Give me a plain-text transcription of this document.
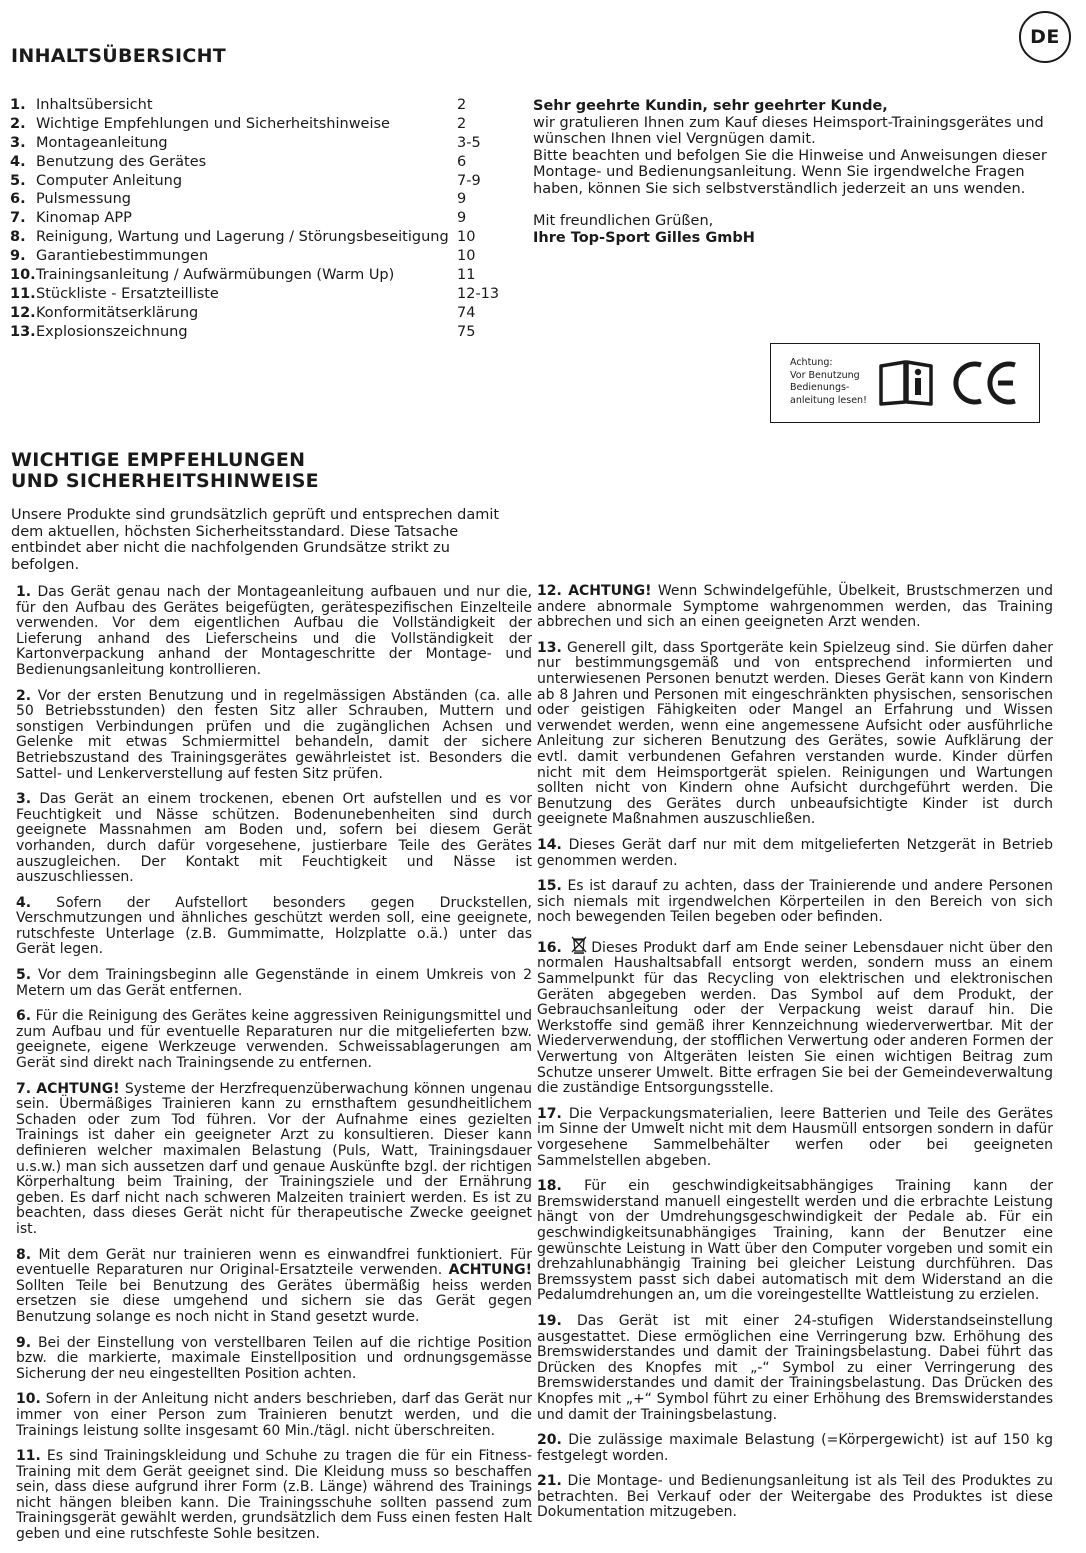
DE
INHALTSÜBERSICHT
1. Inhaltsübersicht	2
2. Wichtige Empfehlungen und Sicherheitshinweise	2
3. Montageanleitung	3-5
4. Benutzung des Gerätes	6
5. Computer Anleitung	7-9
6. Pulsmessung	9
7. Kinomap APP	9
8. Reinigung, Wartung und Lagerung / Störungsbeseitigung 10
9. Garantiebestimmungen	10
10.Trainingsanleitung / Aufwärmübungen (Warm Up)	11
11.Stückliste - Ersatzteilliste	12-13
12.Konformitätserklärung	74
13.Explosionszeichnung	75

Sehr geehrte Kundin, sehr geehrter Kunde,

wir gratulieren Ihnen zum Kauf dieses Heimsport-Trainingsgerätes und wünschen Ihnen viel Vergnügen damit.

Bitte beachten und befolgen Sie die Hinweise und Anweisungen dieser Montage- und Bedienungsanleitung. Wenn Sie irgendwelche Fragen haben, können Sie sich selbstverständlich jederzeit an uns wenden.

Mit freundlichen Grüßen,

Ihre Top-Sport Gilles GmbH

Achtung:
Vor Benutzung
Bedienungs-
anleitung lesen!
WICHTIGE EMPFEHLUNGEN
UND SICHERHEITSHINWEISE

Unsere Produkte sind grundsätzlich geprüft und entsprechen damit dem aktuellen, höchsten Sicherheitsstandard. Diese Tatsache entbindet aber nicht die nachfolgenden Grundsätze strikt zu befolgen.

1. Das Gerät genau nach der Montageanleitung aufbauen und nur die, für den Aufbau des Gerätes beigefügten, gerätespezifischen Einzelteile verwenden. Vor dem eigentlichen Aufbau die Vollständigkeit der Lieferung anhand des Lieferscheins und die Vollständigkeit der Kartonverpackung anhand der Montageschritte der Montage- und Bedienungsanleitung kontrollieren.

2. Vor der ersten Benutzung und in regelmässigen Abständen (ca. alle 50 Betriebsstunden) den festen Sitz aller Schrauben, Muttern und sonstigen Verbindungen prüfen und die zugänglichen Achsen und Gelenke mit etwas Schmiermittel behandeln, damit der sichere Betriebszustand des Trainingsgerätes gewährleistet ist. Besonders die Sattel- und Lenkerverstellung auf festen Sitz prüfen.

3. Das Gerät an einem trockenen, ebenen Ort aufstellen und es vor Feuchtigkeit und Nässe schützen. Bodenunebenheiten sind durch geeignete Massnahmen am Boden und, sofern bei diesem Gerät vorhanden, durch dafür vorgesehene, justierbare Teile des Gerätes auszugleichen. Der Kontakt mit Feuchtigkeit und Nässe ist auszuschliessen.

4. Sofern der Aufstellort besonders gegen Druckstellen, Verschmutzungen und ähnliches geschützt werden soll, eine geeignete, rutschfeste Unterlage (z.B. Gummimatte, Holzplatte o.ä.) unter das Gerät legen.

5. Vor dem Trainingsbeginn alle Gegenstände in einem Umkreis von 2 Metern um das Gerät entfernen.

6. Für die Reinigung des Gerätes keine aggressiven Reinigungsmittel und zum Aufbau und für eventuelle Reparaturen nur die mitgelieferten bzw. geeignete, eigene Werkzeuge verwenden. Schweissablagerungen am Gerät sind direkt nach Trainingsende zu entfernen.

7. ACHTUNG! Systeme der Herzfrequenzüberwachung können ungenau sein. Übermäßiges Trainieren kann zu ernsthaftem gesundheitlichem Schaden oder zum Tod führen. Vor der Aufnahme eines gezielten Trainings ist daher ein geeigneter Arzt zu konsultieren. Dieser kann definieren welcher maximalen Belastung (Puls, Watt, Trainingsdauer u.s.w.) man sich aussetzen darf und genaue Auskünfte bzgl. der richtigen Körperhaltung beim Training, der Trainingsziele und der Ernährung geben. Es darf nicht nach schweren Malzeiten trainiert werden. Es ist zu beachten, dass dieses Gerät nicht für therapeutische Zwecke geeignet ist.

8. Mit dem Gerät nur trainieren wenn es einwandfrei funktioniert. Für eventuelle Reparaturen nur Original-Ersatzteile verwenden. ACHTUNG! Sollten Teile bei Benutzung des Gerätes übermäßig heiss werden ersetzen sie diese umgehend und sichern sie das Gerät gegen Benutzung solange es noch nicht in Stand gesetzt wurde.

9. Bei der Einstellung von verstellbaren Teilen auf die richtige Position bzw. die markierte, maximale Einstellposition und ordnungsgemässe Sicherung der neu eingestellten Position achten.

10. Sofern in der Anleitung nicht anders beschrieben, darf das Gerät nur immer von einer Person zum Trainieren benutzt werden, und die Trainings leistung sollte insgesamt 60 Min./tägl. nicht überschreiten.

11. Es sind Trainingskleidung und Schuhe zu tragen die für ein Fitness-Training mit dem Gerät geeignet sind. Die Kleidung muss so beschaffen sein, dass diese aufgrund ihrer Form (z.B. Länge) während des Trainings nicht hängen bleiben kann. Die Trainingsschuhe sollten passend zum Trainingsgerät gewählt werden, grundsätzlich dem Fuss einen festen Halt geben und eine rutschfeste Sohle besitzen.

12. ACHTUNG! Wenn Schwindelgefühle, Übelkeit, Brustschmerzen und andere abnormale Symptome wahrgenommen werden, das Training abbrechen und sich an einen geeigneten Arzt wenden.

13. Generell gilt, dass Sportgeräte kein Spielzeug sind. Sie dürfen daher nur bestimmungsgemäß und von entsprechend informierten und unterwiesenen Personen benutzt werden. Dieses Gerät kann von Kindern ab 8 Jahren und Personen mit eingeschränkten physischen, sensorischen oder geistigen Fähigkeiten oder Mangel an Erfahrung und Wissen verwendet werden, wenn eine angemessene Aufsicht oder ausführliche Anleitung zur sicheren Benutzung des Gerätes, sowie Aufklärung der evtl. damit verbundenen Gefahren verstanden wurde. Kinder dürfen nicht mit dem Heimsportgerät spielen. Reinigungen und Wartungen sollten nicht von Kindern ohne Aufsicht durchgeführt werden. Die Benutzung des Gerätes durch unbeaufsichtigte Kinder ist durch geeignete Maßnahmen auszuschließen.

14. Dieses Gerät darf nur mit dem mitgelieferten Netzgerät in Betrieb genommen werden.

15. Es ist darauf zu achten, dass der Trainierende und andere Personen sich niemals mit irgendwelchen Körperteilen in den Bereich von sich noch bewegenden Teilen begeben oder befinden.

16. Dieses Produkt darf am Ende seiner Lebensdauer nicht über den normalen Haushaltsabfall entsorgt werden, sondern muss an einem Sammelpunkt für das Recycling von elektrischen und elektronischen Geräten abgegeben werden. Das Symbol auf dem Produkt, der Gebrauchsanleitung oder der Verpackung weist darauf hin. Die Werkstoffe sind gemäß ihrer Kennzeichnung wiederverwertbar. Mit der Wiederverwendung, der stofflichen Verwertung oder anderen Formen der Verwertung von Altgeräten leisten Sie einen wichtigen Beitrag zum Schutze unserer Umwelt. Bitte erfragen Sie bei der Gemeindeverwaltung die zuständige Entsorgungsstelle.

17. Die Verpackungsmaterialien, leere Batterien und Teile des Gerätes im Sinne der Umwelt nicht mit dem Hausmüll entsorgen sondern in dafür vorgesehene Sammelbehälter werfen oder bei geeigneten Sammelstellen abgeben.

18. Für ein geschwindigkeitsabhängiges Training kann der Bremswiderstand manuell eingestellt werden und die erbrachte Leistung hängt von der Umdrehungsgeschwindigkeit der Pedale ab. Für ein geschwindigkeitsunabhängiges Training, kann der Benutzer eine gewünschte Leistung in Watt über den Computer vorgeben und somit ein drehzahlunabhängig Training bei gleicher Leistung durchführen. Das Bremssystem passt sich dabei automatisch mit dem Widerstand an die Pedalumdrehungen an, um die voreingestellte Wattleistung zu erzielen.

19. Das Gerät ist mit einer 24-stufigen Widerstandseinstellung ausgestattet. Diese ermöglichen eine Verringerung bzw. Erhöhung des Bremswiderstandes und damit der Trainingsbelastung. Dabei führt das Drücken des Knopfes mit „-“ Symbol zu einer Verringerung des Bremswiderstandes und damit der Trainingsbelastung. Das Drücken des Knopfes mit „+“ Symbol führt zu einer Erhöhung des Bremswiderstandes und damit der Trainingsbelastung.

20. Die zulässige maximale Belastung (=Körpergewicht) ist auf 150 kg festgelegt worden.

21. Die Montage- und Bedienungsanleitung ist als Teil des Produktes zu betrachten. Bei Verkauf oder der Weitergabe des Produktes ist diese Dokumentation mitzugeben.
